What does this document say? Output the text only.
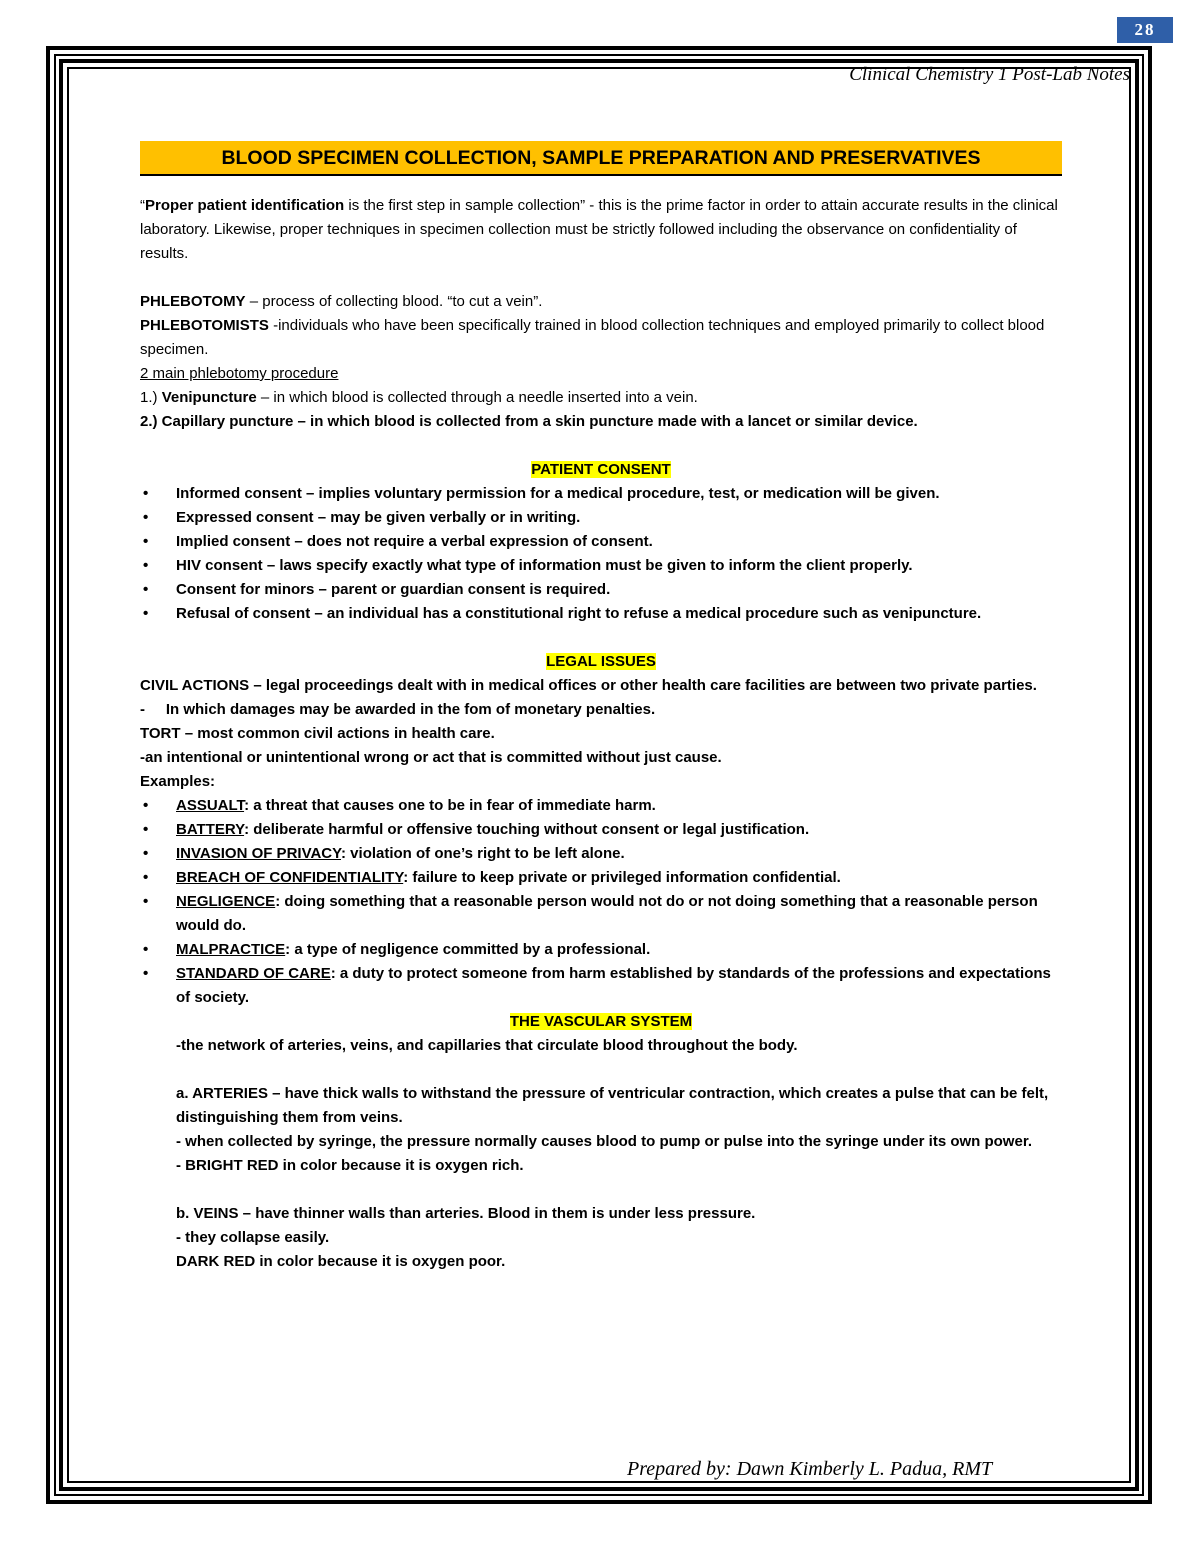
28
Clinical Chemistry 1 Post-Lab Notes
BLOOD SPECIMEN COLLECTION, SAMPLE PREPARATION AND PRESERVATIVES

“Proper patient identification is the first step in sample collection” - this is the prime factor in order to attain accurate results in the clinical laboratory. Likewise, proper techniques in specimen collection must be strictly followed including the observance on confidentiality of results.

PHLEBOTOMY – process of collecting blood. “to cut a vein”.

PHLEBOTOMISTS -individuals who have been specifically trained in blood collection techniques and employed primarily to collect blood specimen.

2 main phlebotomy procedure

1.) Venipuncture – in which blood is collected through a needle inserted into a vein.

2.) Capillary puncture – in which blood is collected from a skin puncture made with a lancet or similar device.

PATIENT CONSENT

• Informed consent – implies voluntary permission for a medical procedure, test, or medication will be given.
• Expressed consent – may be given verbally or in writing.
• Implied consent – does not require a verbal expression of consent.
• HIV consent – laws specify exactly what type of information must be given to inform the client properly.
• Consent for minors – parent or guardian consent is required.
• Refusal of consent – an individual has a constitutional right to refuse a medical procedure such as venipuncture.

LEGAL ISSUES

CIVIL ACTIONS – legal proceedings dealt with in medical offices or other health care facilities are between two private parties.

-     In which damages may be awarded in the fom of monetary penalties.

TORT – most common civil actions in health care.

-an intentional or unintentional wrong or act that is committed without just cause.

Examples:

• ASSUALT: a threat that causes one to be in fear of immediate harm.
• BATTERY: deliberate harmful or offensive touching without consent or legal justification.
• INVASION OF PRIVACY: violation of one’s right to be left alone.
• BREACH OF CONFIDENTIALITY: failure to keep private or privileged information confidential.
• NEGLIGENCE: doing something that a reasonable person would not do or not doing something that a reasonable person would do.
• MALPRACTICE: a type of negligence committed by a professional.
• STANDARD OF CARE: a duty to protect someone from harm established by standards of the professions and expectations of society.

THE VASCULAR SYSTEM

-the network of arteries, veins, and capillaries that circulate blood throughout the body.

a. ARTERIES – have thick walls to withstand the pressure of ventricular contraction, which creates a pulse that can be felt, distinguishing them from veins.

- when collected by syringe, the pressure normally causes blood to pump or pulse into the syringe under its own power.

- BRIGHT RED in color because it is oxygen rich.

b. VEINS – have thinner walls than arteries. Blood in them is under less pressure.

- they collapse easily.

DARK RED in color because it is oxygen poor.

Prepared by: Dawn Kimberly L. Padua, RMT
